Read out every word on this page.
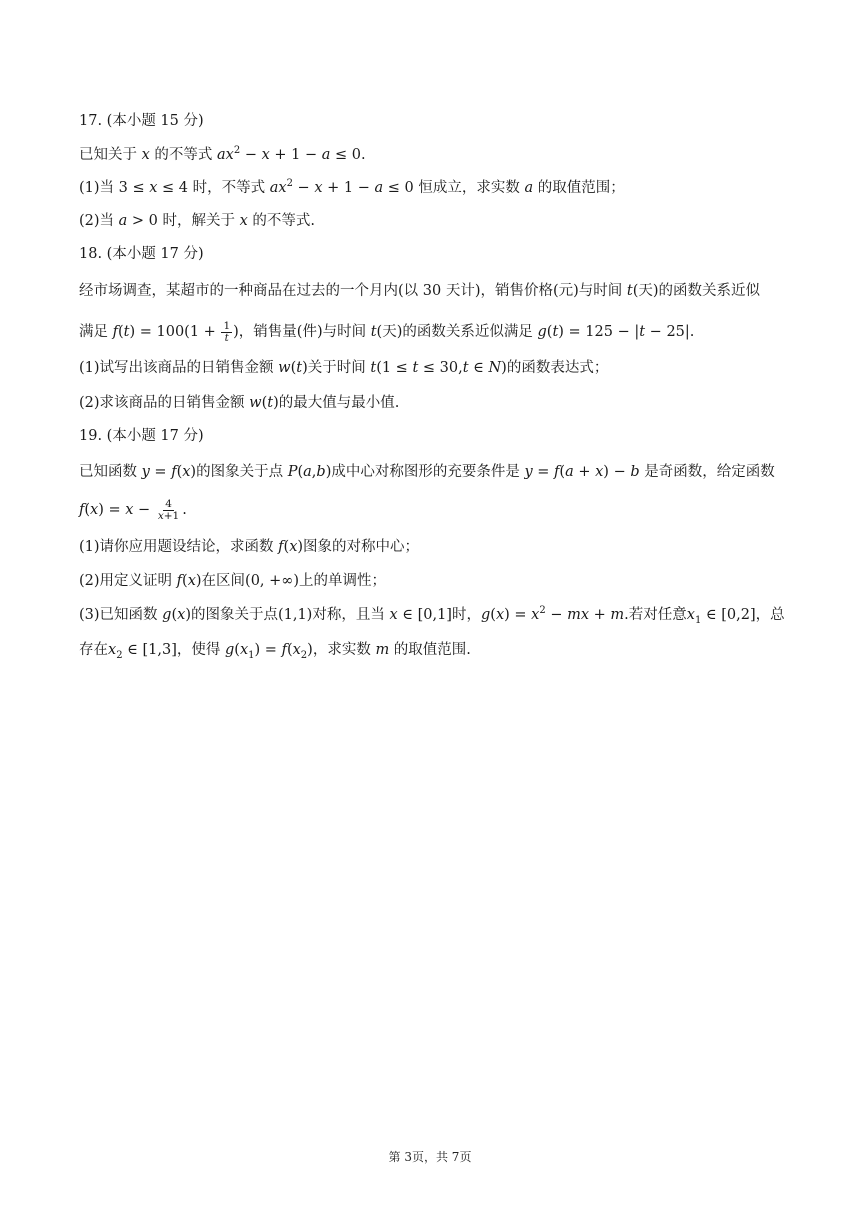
17. (本小题 15 分)
已知关于 x 的不等式 $ax^2 - x + 1 - a \le 0$.
(1)当 3 ≤ x ≤ 4 时，不等式 $ax^2 - x + 1 - a \le 0$ 恒成立，求实数 a 的取值范围；
(2)当 a > 0 时，解关于 x 的不等式.
18. (本小题 17 分)
经市场调查，某超市的一种商品在过去的一个月内(以 30 天计)，销售价格(元)与时间 t(天)的函数关系近似
满足 $f(t) = 100(1 + \frac{1}{t}$ )，销售量(件)与时间 t(天)的函数关系近似满足 g(t) = 125 − |t − 25|.
(1)试写出该商品的日销售金额 w(t)关于时间 t(1 ≤ t ≤ 30,t ∈ N)的函数表达式；
(2)求该商品的日销售金额 w(t)的最大值与最小值.
19. (本小题 17 分)
已知函数 y = f(x)的图象关于点 P(a,b)成中心对称图形的充要条件是 y = f(a + x) − b 是奇函数，给定函数
$f(x) = x - \frac{4}{x+1}$ .
(1)请你应用题设结论，求函数 f(x)图象的对称中心；
(2)用定义证明 f(x)在区间(0, +∞)上的单调性；
(3)已知函数 g(x)的图象关于点(1,1)对称，且当 x ∈ [0,1]时，$g(x) = x^2$ − mx + m.若对任意$x_1$ ∈ [0,2]，总
存在$x_2$ ∈ [1,3]，使得 $g(x_1) = f(x_2)$，求实数 m 的取值范围.
第 3页，共 7页
